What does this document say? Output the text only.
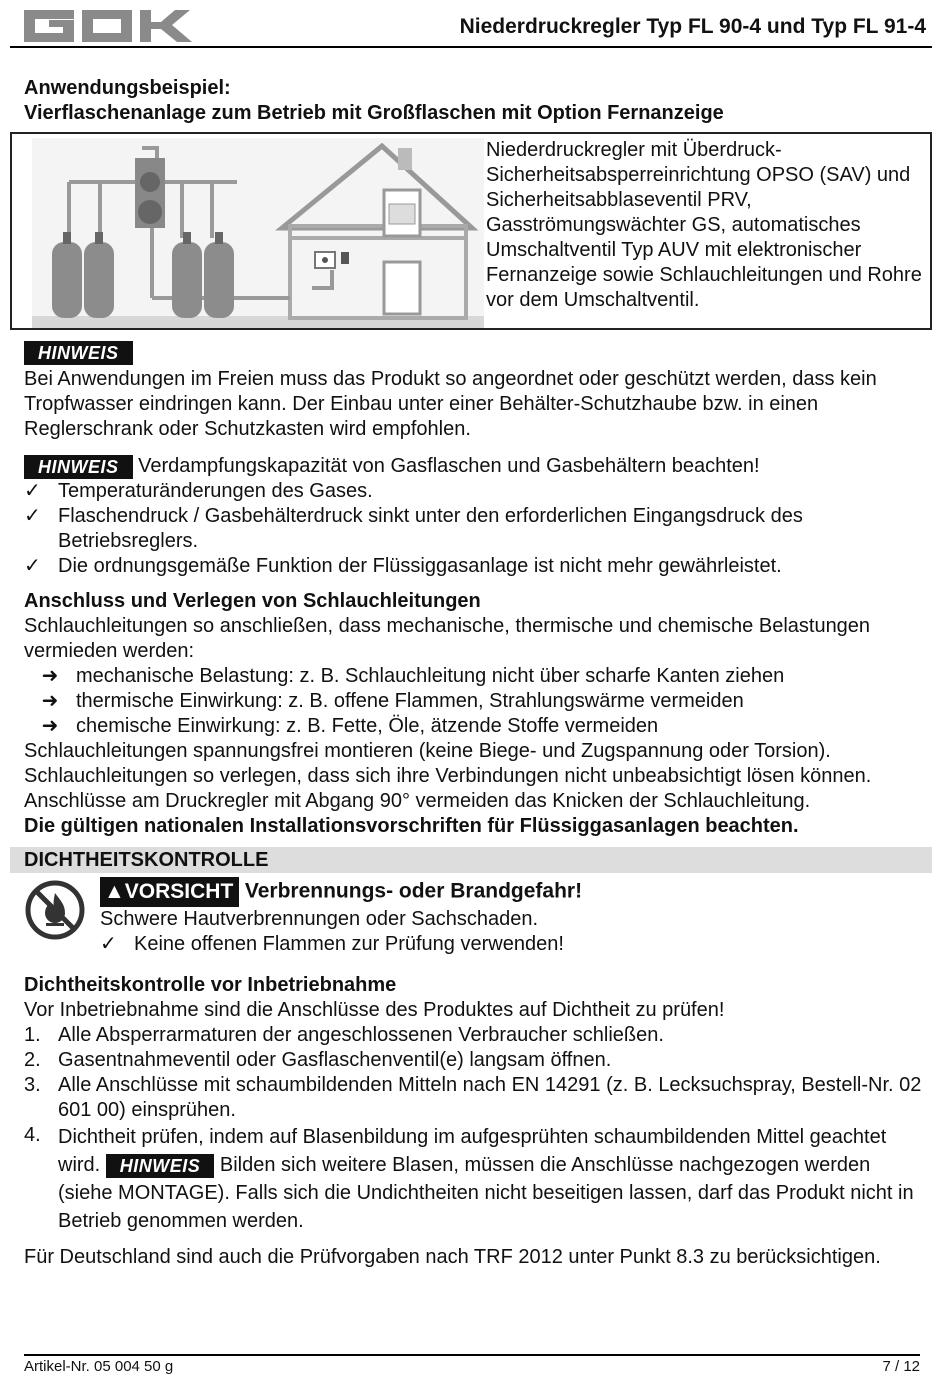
Niederdruckregler Typ FL 90-4 und Typ FL 91-4

Anwendungsbeispiel:

Vierflaschenanlage zum Betrieb mit Großflaschen mit Option Fernanzeige

Niederdruckregler mit Überdruck-Sicherheitsabsperreinrichtung OPSO (SAV) und Sicherheitsabblaseventil PRV, Gasströmungswächter GS, automatisches Umschaltventil Typ AUV mit elektronischer Fernanzeige sowie Schlauchleitungen und Rohre vor dem Umschaltventil.
HINWEIS

Bei Anwendungen im Freien muss das Produkt so angeordnet oder geschützt werden, dass kein Tropfwasser eindringen kann. Der Einbau unter einer Behälter-Schutzhaube bzw. in einen Reglerschrank oder Schutzkasten wird empfohlen.

HINWEIS Verdampfungskapazität von Gasflaschen und Gasbehältern beachten!
✓ Temperaturänderungen des Gases.
✓ Flaschendruck / Gasbehälterdruck sinkt unter den erforderlichen Eingangsdruck des Betriebsreglers.
✓ Die ordnungsgemäße Funktion der Flüssiggasanlage ist nicht mehr gewährleistet.

Anschluss und Verlegen von Schlauchleitungen

Schlauchleitungen so anschließen, dass mechanische, thermische und chemische Belastungen vermieden werden:

➜ mechanische Belastung: z. B. Schlauchleitung nicht über scharfe Kanten ziehen
➜ thermische Einwirkung: z. B. offene Flammen, Strahlungswärme vermeiden
➜ chemische Einwirkung: z. B. Fette, Öle, ätzende Stoffe vermeiden

Schlauchleitungen spannungsfrei montieren (keine Biege- und Zugspannung oder Torsion). Schlauchleitungen so verlegen, dass sich ihre Verbindungen nicht unbeabsichtigt lösen können. Anschlüsse am Druckregler mit Abgang 90° vermeiden das Knicken der Schlauchleitung.

Die gültigen nationalen Installationsvorschriften für Flüssiggasanlagen beachten.

DICHTHEITSKONTROLLE
▲VORSICHT Verbrennungs- oder Brandgefahr!

Schwere Hautverbrennungen oder Sachschaden.

✓ Keine offenen Flammen zur Prüfung verwenden!

Dichtheitskontrolle vor Inbetriebnahme

Vor Inbetriebnahme sind die Anschlüsse des Produktes auf Dichtheit zu prüfen!

1. Alle Absperrarmaturen der angeschlossenen Verbraucher schließen.
2. Gasentnahmeventil oder Gasflaschenventil(e) langsam öffnen.
3. Alle Anschlüsse mit schaumbildenden Mitteln nach EN 14291 (z. B. Lecksuchspray, Bestell-Nr. 02 601 00) einsprühen.
4. Dichtheit prüfen, indem auf Blasenbildung im aufgesprühten schaumbildenden Mittel geachtet wird. HINWEIS Bilden sich weitere Blasen, müssen die Anschlüsse nachgezogen werden (siehe MONTAGE). Falls sich die Undichtheiten nicht beseitigen lassen, darf das Produkt nicht in Betrieb genommen werden.

Für Deutschland sind auch die Prüfvorgaben nach TRF 2012 unter Punkt 8.3 zu berücksichtigen.

Artikel-Nr. 05 004 50 g	7 / 12
